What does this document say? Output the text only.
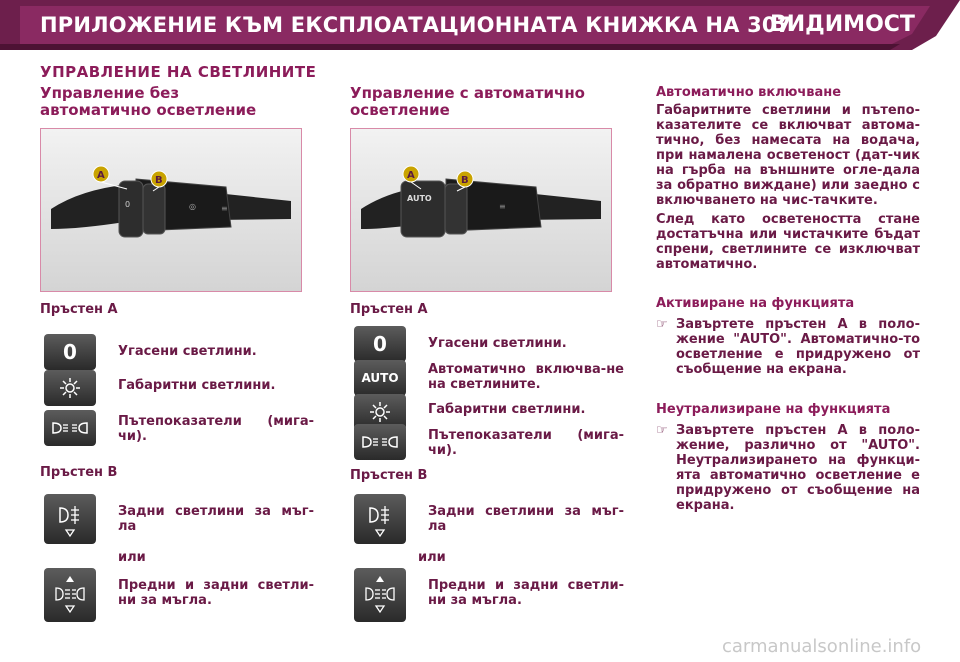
ПРИЛОЖЕНИЕ КЪМ ЕКСПЛОАТАЦИОННАТА КНИЖКА НА 307
ВИДИМОСТ
УПРАВЛЕНИЕ НА СВЕТЛИНИТЕ
Управление без
автоматично осветление
◎	≡
A	B
0
Пръстен А
0	Угасени светлини.
Габаритни светлини.
Пътепоказатели (мига-чи).
Пръстен В
Задни светлини за мъг-ла
или
Предни и задни светли-ни за мъгла.
Управление с автоматично
осветление
AUTO
≡
A	B
Пръстен А
0	Угасени светлини.
AUTO
Автоматично включва-не на светлините.
Габаритни светлини.
Пътепоказатели (мига-чи).
Пръстен В
Задни светлини за мъг-ла
или
Предни и задни светли-ни за мъгла.
Автоматично включване

Габаритните светлини и пътепо-казателите се включват автома-тично, без намесата на водача, при намалена осветеност (дат-чик на гърба на външните огле-дала за обратно виждане) или заедно с включването на чис-тачките.

След като осветеността стане достатъчна или чистачките бъдат спрени, светлините се изключват автоматично.

Активиране на функцията
☞ Завъртете пръстен А в поло-жение "AUTO". Автоматично-то осветление е придружено от съобщение на екрана.
Неутрализиране на функцията
☞ Завъртете пръстен А в поло-жение, различно от "AUTO". Неутрализирането на функци-ята автоматично осветление е придружено от съобщение на екрана.
carmanualsonline.info
